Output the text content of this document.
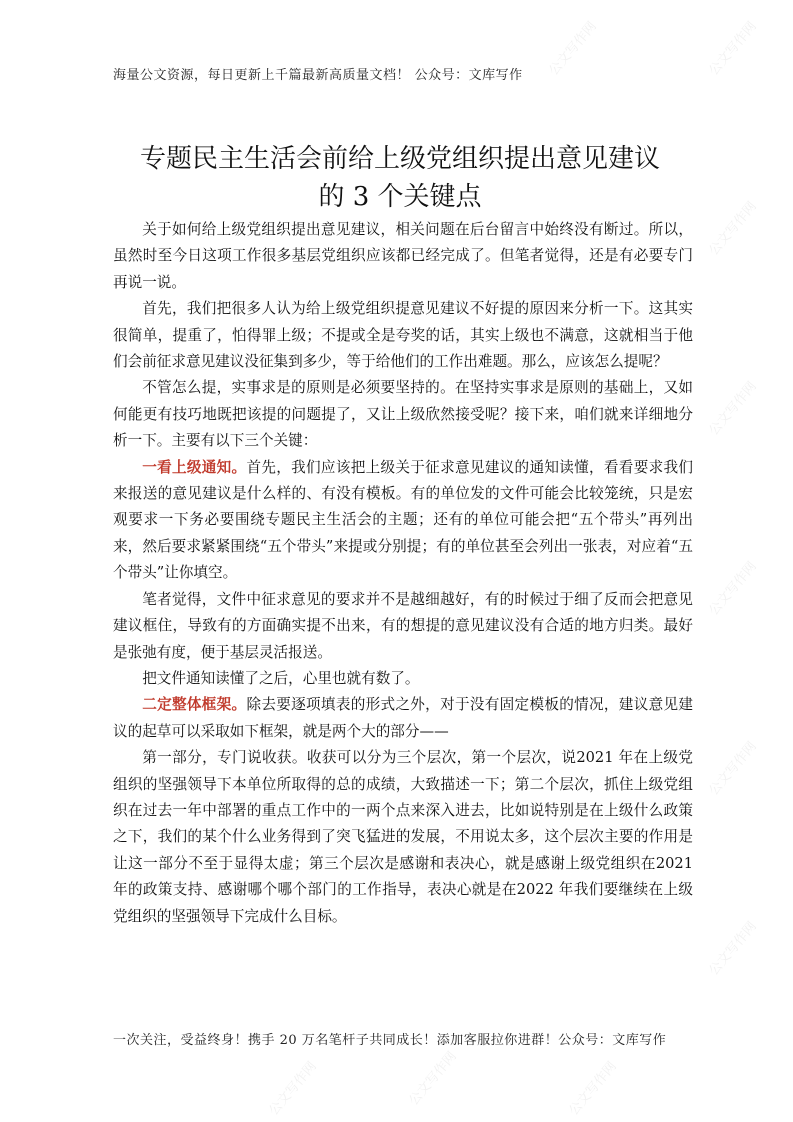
公文写作网
公文写作网
公文写作网
公文写作网
公文写作网
公文写作网
公文写作网
公文写作网
公文写作网
公文写作网
海量公文资源，每日更新上千篇最新高质量文档！ 公众号：文库写作
专题民主生活会前给上级党组织提出意见建议
的 3 个关键点

关于如何给上级党组织提出意见建议，相关问题在后台留言中始终没有断过。所以，虽然时至今日这项工作很多基层党组织应该都已经完成了。但笔者觉得，还是有必要专门再说一说。

首先，我们把很多人认为给上级党组织提意见建议不好提的原因来分析一下。这其实很简单，提重了，怕得罪上级；不提或全是夸奖的话，其实上级也不满意，这就相当于他们会前征求意见建议没征集到多少，等于给他们的工作出难题。那么，应该怎么提呢？

不管怎么提，实事求是的原则是必须要坚持的。在坚持实事求是原则的基础上，又如何能更有技巧地既把该提的问题提了，又让上级欣然接受呢？接下来，咱们就来详细地分析一下。主要有以下三个关键：

一看上级通知。首先，我们应该把上级关于征求意见建议的通知读懂，看看要求我们来报送的意见建议是什么样的、有没有模板。有的单位发的文件可能会比较笼统，只是宏观要求一下务必要围绕专题民主生活会的主题；还有的单位可能会把“五个带头”再列出来，然后要求紧紧围绕“五个带头”来提或分别提；有的单位甚至会列出一张表，对应着“五个带头”让你填空。

笔者觉得，文件中征求意见的要求并不是越细越好，有的时候过于细了反而会把意见建议框住，导致有的方面确实提不出来，有的想提的意见建议没有合适的地方归类。最好是张弛有度，便于基层灵活报送。

把文件通知读懂了之后，心里也就有数了。

二定整体框架。除去要逐项填表的形式之外，对于没有固定模板的情况，建议意见建议的起草可以采取如下框架，就是两个大的部分——

第一部分，专门说收获。收获可以分为三个层次，第一个层次，说2021 年在上级党组织的坚强领导下本单位所取得的总的成绩，大致描述一下；第二个层次，抓住上级党组织在过去一年中部署的重点工作中的一两个点来深入进去，比如说特别是在上级什么政策之下，我们的某个什么业务得到了突飞猛进的发展，不用说太多，这个层次主要的作用是让这一部分不至于显得太虚；第三个层次是感谢和表决心，就是感谢上级党组织在2021 年的政策支持、感谢哪个哪个部门的工作指导，表决心就是在2022 年我们要继续在上级党组织的坚强领导下完成什么目标。

一次关注，受益终身！携手 20 万名笔杆子共同成长！添加客服拉你进群！公众号：文库写作
